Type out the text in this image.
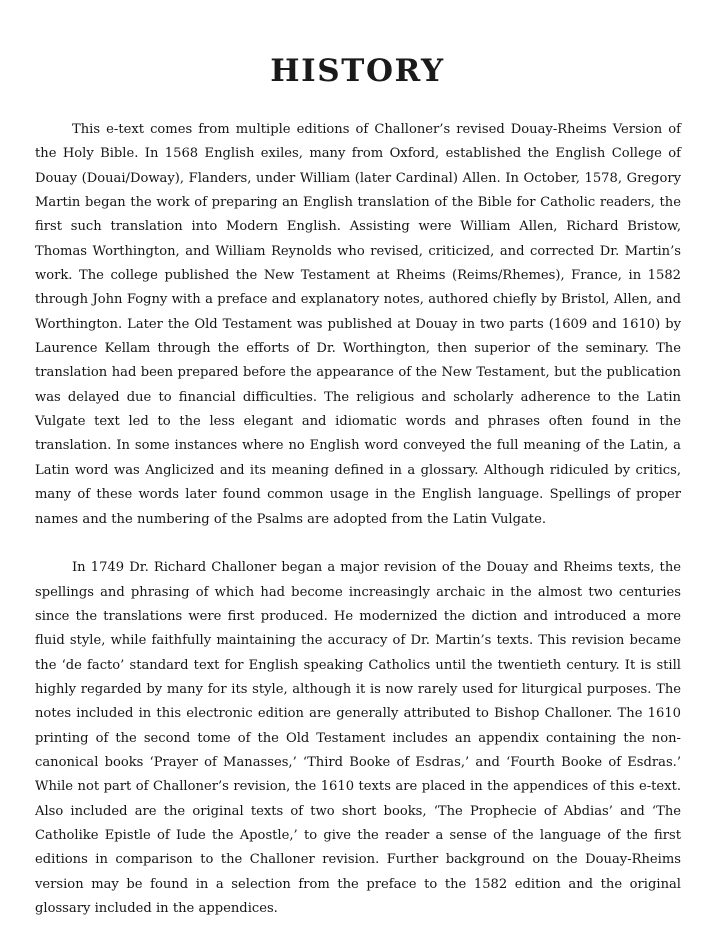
HISTORY

This e-text comes from multiple editions of Challoner’s revised Douay-Rheims Version of the Holy Bible. In 1568 English exiles, many from Oxford, established the English College of Douay (Douai/Doway), Flanders, under William (later Cardinal) Allen. In October, 1578, Gregory Martin began the work of preparing an English translation of the Bible for Catholic readers, the first such translation into Modern English. Assisting were William Allen, Richard Bristow, Thomas Worthington, and William Reynolds who revised, criticized, and corrected Dr. Martin’s work. The college published the New Testament at Rheims (Reims/Rhemes), France, in 1582 through John Fogny with a preface and explanatory notes, authored chiefly by Bristol, Allen, and Worthington. Later the Old Testament was published at Douay in two parts (1609 and 1610) by Laurence Kellam through the efforts of Dr. Worthington, then superior of the seminary. The translation had been prepared before the appearance of the New Testament, but the publication was delayed due to financial difficulties. The religious and scholarly adherence to the Latin Vulgate text led to the less elegant and idiomatic words and phrases often found in the translation. In some instances where no English word conveyed the full meaning of the Latin, a Latin word was Anglicized and its meaning defined in a glossary. Although ridiculed by critics, many of these words later found common usage in the English language. Spellings of proper names and the numbering of the Psalms are adopted from the Latin Vulgate.

In 1749 Dr. Richard Challoner began a major revision of the Douay and Rheims texts, the spellings and phrasing of which had become increasingly archaic in the almost two centuries since the translations were first produced. He modernized the diction and introduced a more fluid style, while faithfully maintaining the accuracy of Dr. Martin’s texts. This revision became the ‘de facto’ standard text for English speaking Catholics until the twentieth century. It is still highly regarded by many for its style, although it is now rarely used for liturgical purposes. The notes included in this electronic edition are generally attributed to Bishop Challoner. The 1610 printing of the second tome of the Old Testament includes an appendix containing the non-canonical books ‘Prayer of Manasses,’ ‘Third Booke of Esdras,’ and ‘Fourth Booke of Esdras.’ While not part of Challoner’s revision, the 1610 texts are placed in the appendices of this e-text. Also included are the original texts of two short books, ‘The Prophecie of Abdias’ and ‘The Catholike Epistle of Iude the Apostle,’ to give the reader a sense of the language of the first editions in comparison to the Challoner revision. Further background on the Douay-Rheims version may be found in a selection from the preface to the 1582 edition and the original glossary included in the appendices.
